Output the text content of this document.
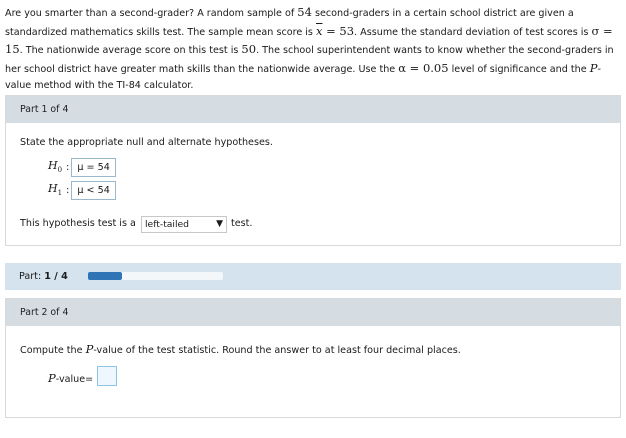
Are you smarter than a second-grader? A random sample of 54 second-graders in a certain school district are given a standardized mathematics skills test. The sample mean score is $\overline{x} = 53$. Assume the standard deviation of test scores is σ = 15. The nationwide average score on this test is 50. The school superintendent wants to know whether the second-graders in her school district have greater math skills than the nationwide average. Use the α = 0.05 level of significance and the P-value method with the TI-84 calculator.
Part 1 of 4
State the appropriate null and alternate hypotheses.
$H_0$ : μ = 54
$H_1$ : μ < 54
This hypothesis test is a left-tailed	▼ test.
Part: 1 / 4
Part 2 of 4
Compute the P-value of the test statistic. Round the answer to at least four decimal places.
P-value=
